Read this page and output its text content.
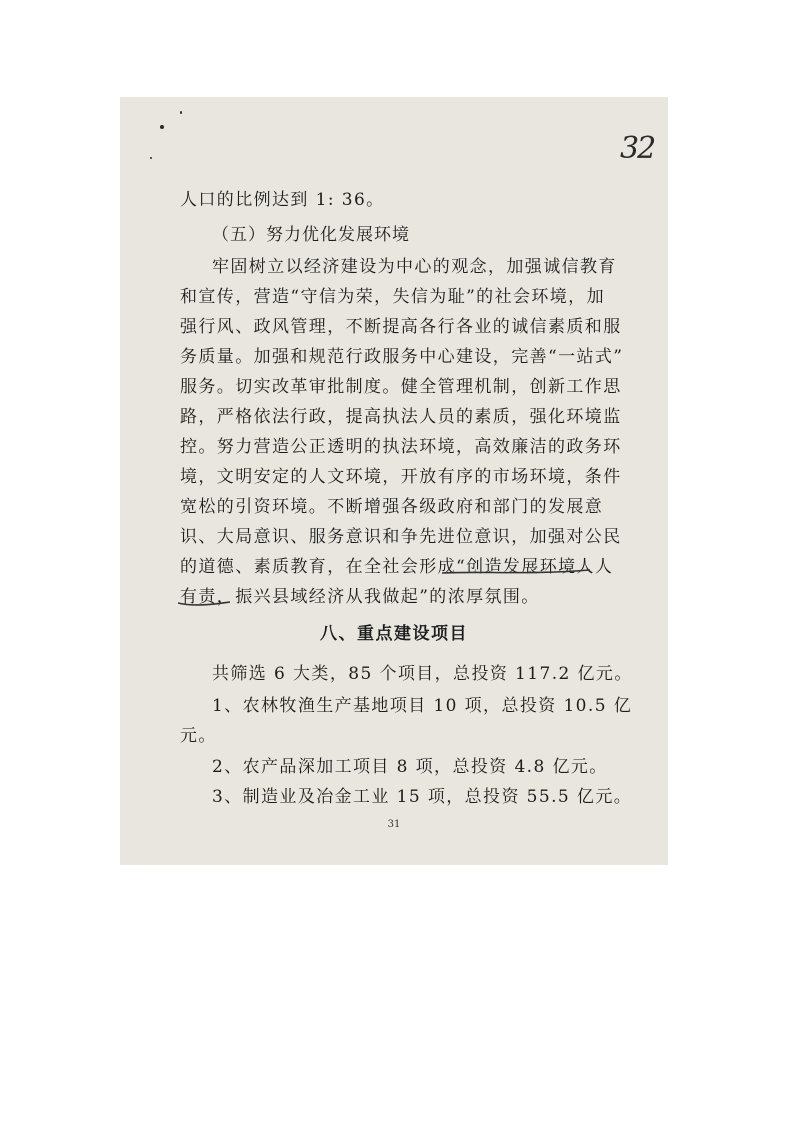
32
人口的比例达到 1: 36。
（五）努力优化发展环境
牢固树立以经济建设为中心的观念，加强诚信教育
和宣传，营造“守信为荣，失信为耻”的社会环境，加
强行风、政风管理，不断提高各行各业的诚信素质和服
务质量。加强和规范行政服务中心建设，完善“一站式”
服务。切实改革审批制度。健全管理机制，创新工作思
路，严格依法行政，提高执法人员的素质，强化环境监
控。努力营造公正透明的执法环境，高效廉洁的政务环
境，文明安定的人文环境，开放有序的市场环境，条件
宽松的引资环境。不断增强各级政府和部门的发展意
识、大局意识、服务意识和争先进位意识，加强对公民
的道德、素质教育，在全社会形成“创造发展环境人人
有责，振兴县域经济从我做起”的浓厚氛围。
八、重点建设项目
共筛选 6 大类，85 个项目，总投资 117.2 亿元。
1、农林牧渔生产基地项目 10 项，总投资 10.5 亿
元。
2、农产品深加工项目 8 项，总投资 4.8 亿元。
3、制造业及冶金工业 15 项，总投资 55.5 亿元。
31
